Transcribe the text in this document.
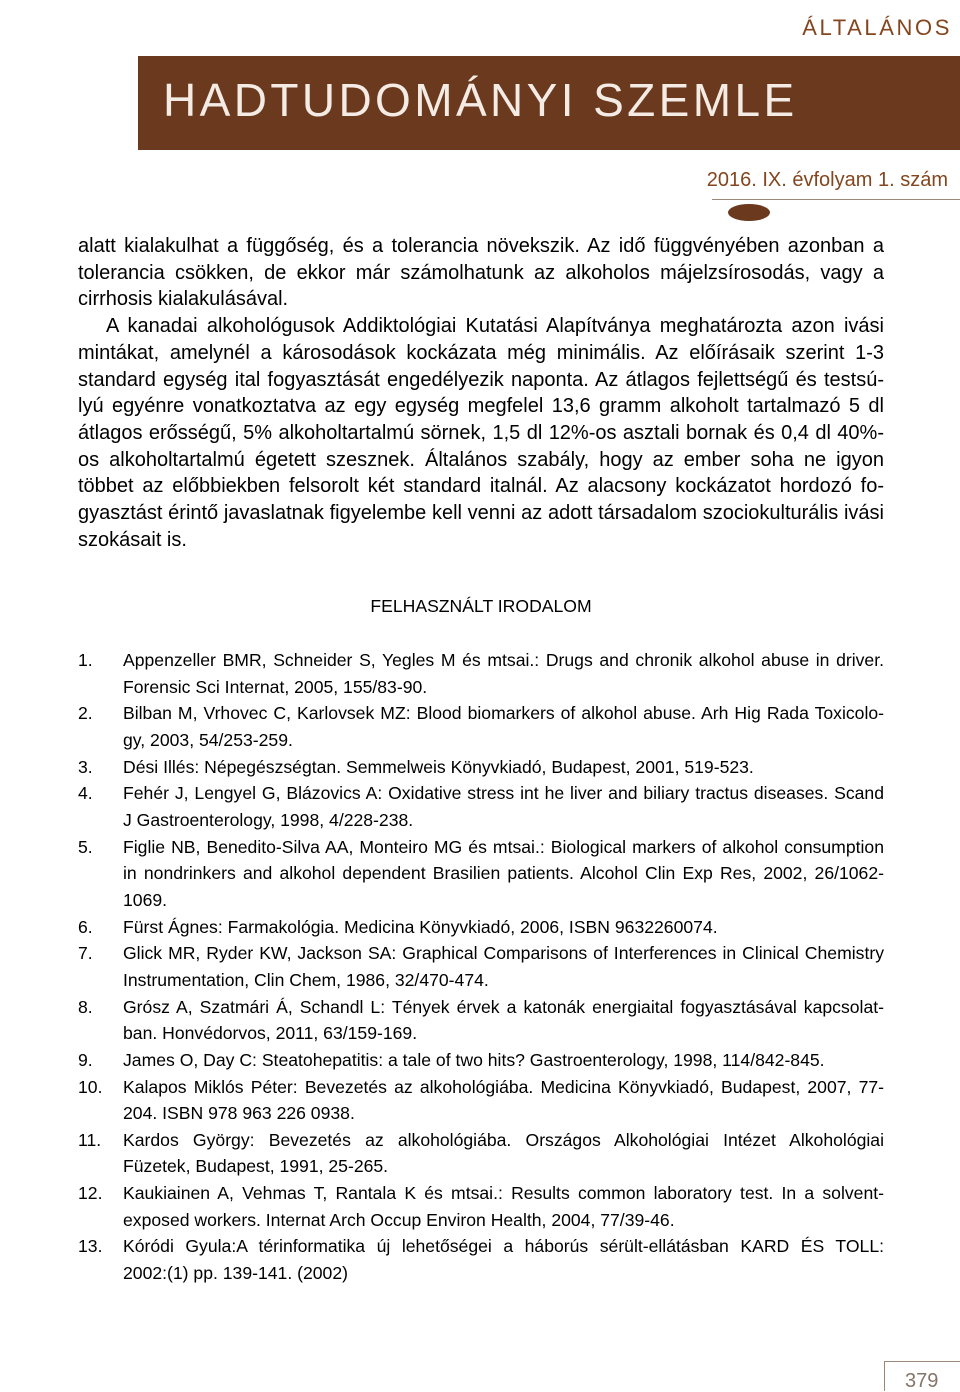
ÁLTALÁNOS
HADTUDOMÁNYI SZEMLE
2016. IX. évfolyam 1. szám
alatt kialakulhat a függőség, és a tolerancia növekszik. Az idő függvényében azonban a
tolerancia csökken, de ekkor már számolhatunk az alkoholos májelzsírosodás, vagy a
cirrhosis kialakulásával.
A kanadai alkohológusok Addiktológiai Kutatási Alapítványa meghatározta azon ivási
mintákat, amelynél a károsodások kockázata még minimális. Az előírásaik szerint 1-3
standard egység ital fogyasztását engedélyezik naponta. Az átlagos fejlettségű és testsú-
lyú egyénre vonatkoztatva az egy egység megfelel 13,6 gramm alkoholt tartalmazó 5 dl
átlagos erősségű, 5% alkoholtartalmú sörnek, 1,5 dl 12%-os asztali bornak és 0,4 dl 40%-
os alkoholtartalmú égetett szesznek. Általános szabály, hogy az ember soha ne igyon
többet az előbbiekben felsorolt két standard italnál. Az alacsony kockázatot hordozó fo-
gyasztást érintő javaslatnak figyelembe kell venni az adott társadalom szociokulturális ivási
szokásait is.
FELHASZNÁLT IRODALOM
1.	Appenzeller BMR, Schneider S, Yegles M és mtsai.: Drugs and chronik alkohol abuse in driver.
Forensic Sci Internat, 2005, 155/83-90.
2.	Bilban M, Vrhovec C, Karlovsek MZ: Blood biomarkers of alkohol abuse. Arh Hig Rada Toxicolo-
gy, 2003, 54/253-259.
3.	Dési Illés: Népegészségtan. Semmelweis Könyvkiadó, Budapest, 2001, 519-523.
4.	Fehér J, Lengyel G, Blázovics A: Oxidative stress int he liver and biliary tractus diseases. Scand
J Gastroenterology, 1998, 4/228-238.
5.	Figlie NB, Benedito-Silva AA, Monteiro MG és mtsai.: Biological markers of alkohol consumption
in nondrinkers and alkohol dependent Brasilien patients. Alcohol Clin Exp Res, 2002, 26/1062-
1069.
6.	Fürst Ágnes: Farmakológia. Medicina Könyvkiadó, 2006, ISBN 9632260074.
7.	Glick MR, Ryder KW, Jackson SA: Graphical Comparisons of Interferences in Clinical Chemistry
Instrumentation, Clin Chem, 1986, 32/470-474.
8.	Grósz A, Szatmári Á, Schandl L: Tények érvek a katonák energiaital fogyasztásával kapcsolat-
ban. Honvédorvos, 2011, 63/159-169.
9.	James O, Day C: Steatohepatitis: a tale of two hits? Gastroenterology, 1998, 114/842-845.
10.	Kalapos Miklós Péter: Bevezetés az alkohológiába. Medicina Könyvkiadó, Budapest, 2007, 77-
204. ISBN 978 963 226 0938.
11.	Kardos György: Bevezetés az alkohológiába. Országos Alkohológiai Intézet Alkohológiai
Füzetek, Budapest, 1991, 25-265.
12.	Kaukiainen A, Vehmas T, Rantala K és mtsai.: Results common laboratory test. In a solvent-
exposed workers. Internat Arch Occup Environ Health, 2004, 77/39-46.
13.	Kóródi Gyula:A térinformatika új lehetőségei a háborús sérült-ellátásban KARD ÉS TOLL:
2002:(1) pp. 139-141. (2002)
379
